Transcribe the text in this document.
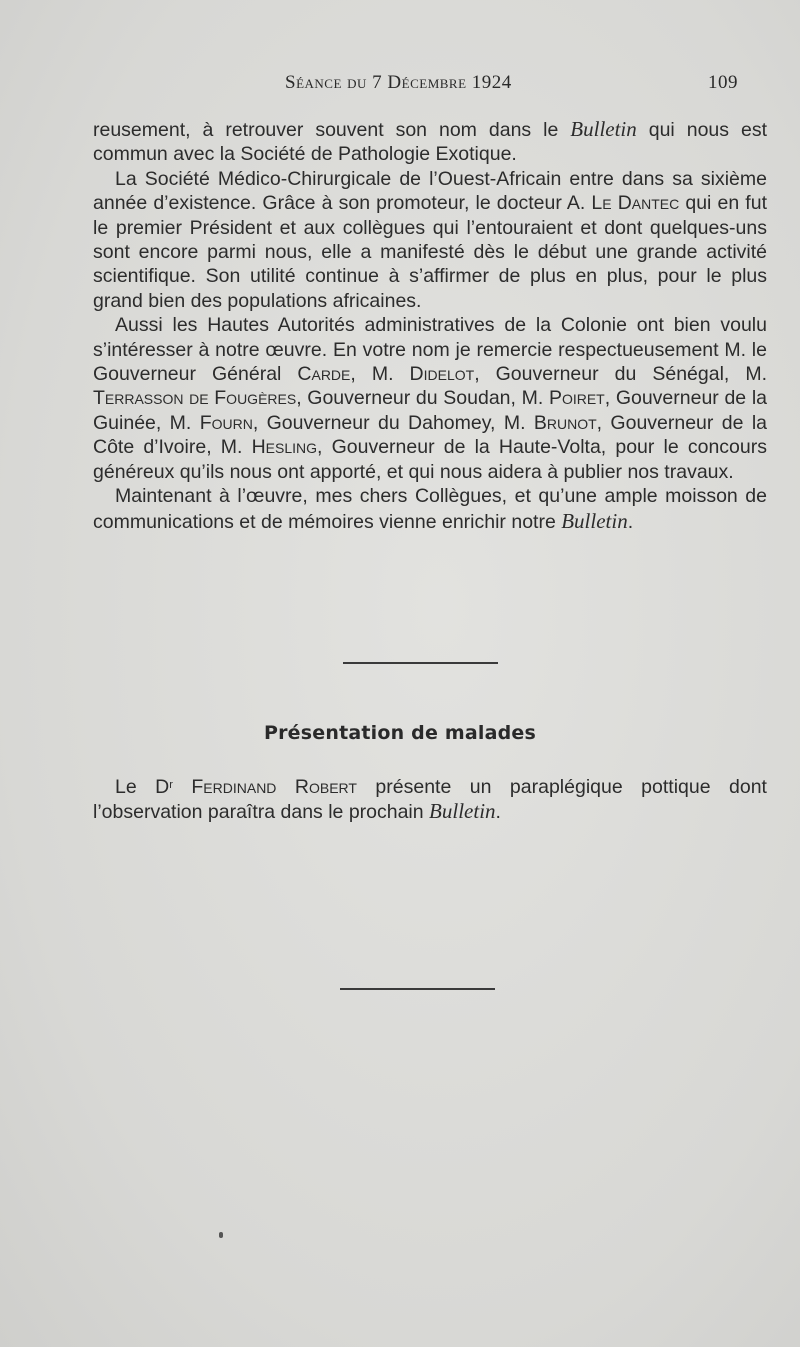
Séance du 7 Décembre 1924	109

reusement, à retrouver souvent son nom dans le Bulletin qui nous est commun avec la Société de Pathologie Exotique.

La Société Médico-Chirurgicale de l’Ouest-Africain entre dans sa sixième année d’existence. Grâce à son promoteur, le docteur A. Le Dantec qui en fut le premier Président et aux collègues qui l’entouraient et dont quelques-uns sont encore parmi nous, elle a manifesté dès le début une grande activité scientifique. Son utilité continue à s’affirmer de plus en plus, pour le plus grand bien des populations africaines.

Aussi les Hautes Autorités administratives de la Colonie ont bien voulu s’intéresser à notre œuvre. En votre nom je remercie respectueusement M. le Gouverneur Général Carde, M. Didelot, Gouverneur du Sénégal, M. Terrasson de Fougères, Gouverneur du Soudan, M. Poiret, Gouverneur de la Guinée, M. Fourn, Gouverneur du Dahomey, M. Brunot, Gouverneur de la Côte d’Ivoire, M. Hesling, Gouverneur de la Haute-Volta, pour le concours généreux qu’ils nous ont apporté, et qui nous aidera à publier nos travaux.

Maintenant à l’œuvre, mes chers Collègues, et qu’une ample moisson de communications et de mémoires vienne enrichir notre Bulletin.

Présentation de malades

Le $D^r$ Ferdinand Robert présente un paraplégique pottique dont l’observation paraîtra dans le prochain Bulletin.
